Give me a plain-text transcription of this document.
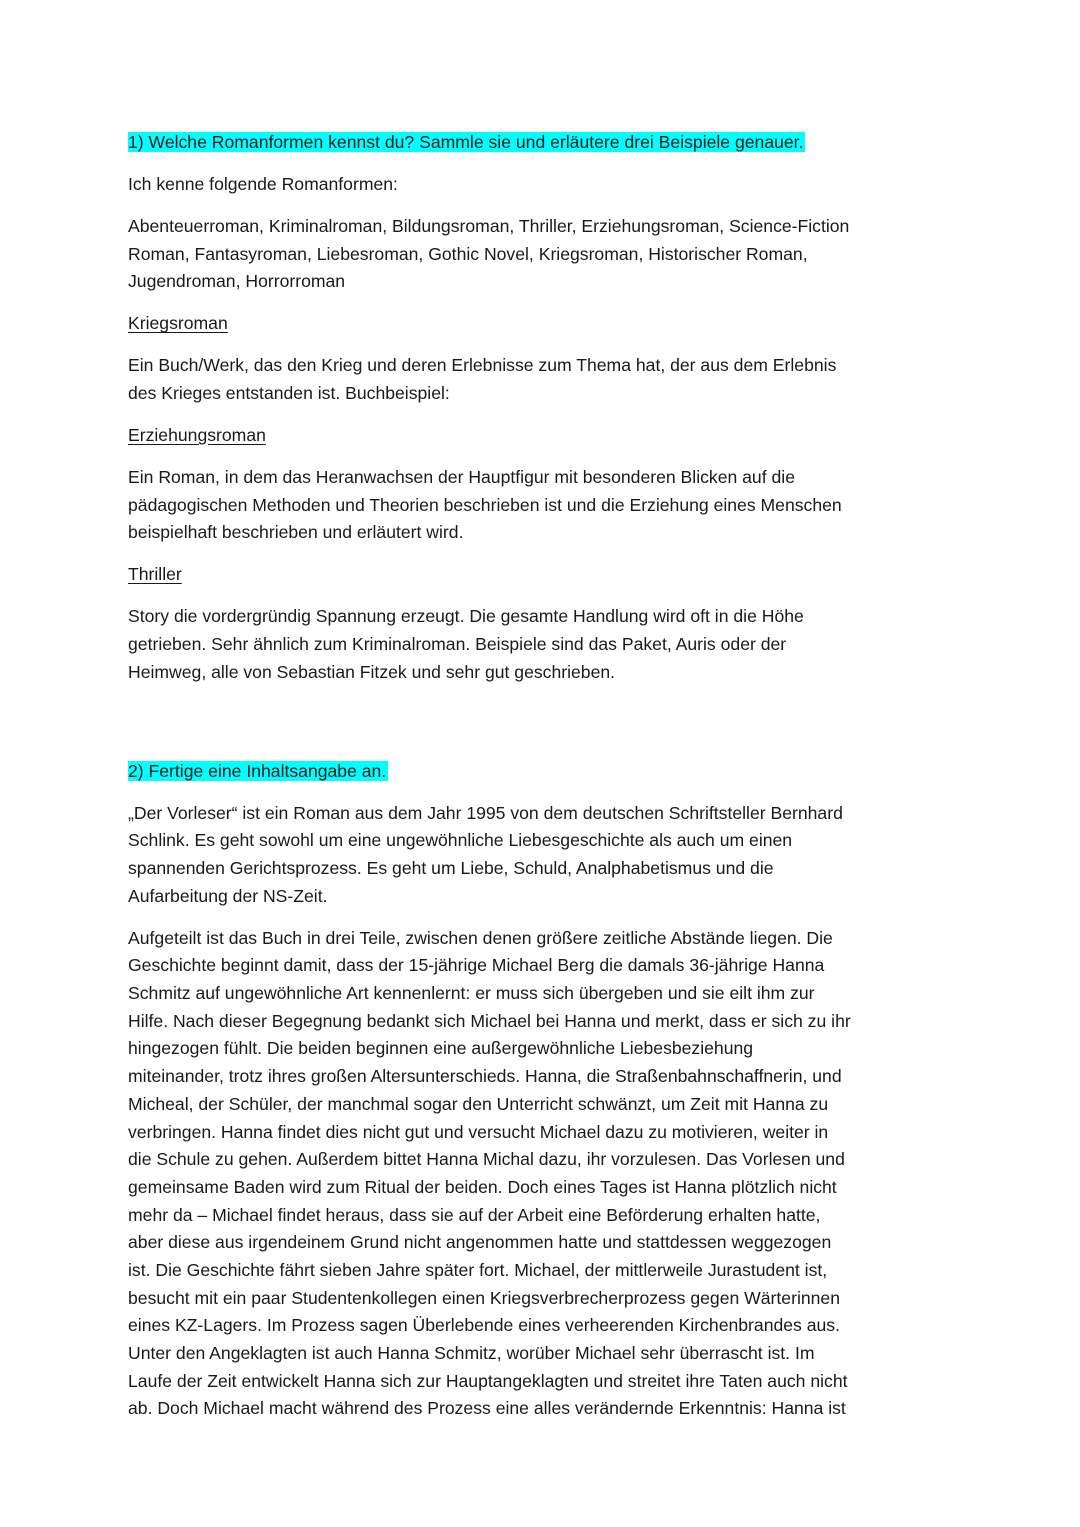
1) Welche Romanformen kennst du? Sammle sie und erläutere drei Beispiele genauer.
Ich kenne folgende Romanformen:
Abenteuerroman, Kriminalroman, Bildungsroman, Thriller, Erziehungsroman, Science-Fiction
Roman, Fantasyroman, Liebesroman, Gothic Novel, Kriegsroman, Historischer Roman,
Jugendroman, Horrorroman
Kriegsroman
Ein Buch/Werk, das den Krieg und deren Erlebnisse zum Thema hat, der aus dem Erlebnis
des Krieges entstanden ist. Buchbeispiel:
Erziehungsroman
Ein Roman, in dem das Heranwachsen der Hauptfigur mit besonderen Blicken auf die
pädagogischen Methoden und Theorien beschrieben ist und die Erziehung eines Menschen
beispielhaft beschrieben und erläutert wird.
Thriller
Story die vordergründig Spannung erzeugt. Die gesamte Handlung wird oft in die Höhe
getrieben. Sehr ähnlich zum Kriminalroman. Beispiele sind das Paket, Auris oder der
Heimweg, alle von Sebastian Fitzek und sehr gut geschrieben.
2) Fertige eine Inhaltsangabe an.
„Der Vorleser“ ist ein Roman aus dem Jahr 1995 von dem deutschen Schriftsteller Bernhard
Schlink. Es geht sowohl um eine ungewöhnliche Liebesgeschichte als auch um einen
spannenden Gerichtsprozess. Es geht um Liebe, Schuld, Analphabetismus und die
Aufarbeitung der NS-Zeit.
Aufgeteilt ist das Buch in drei Teile, zwischen denen größere zeitliche Abstände liegen. Die
Geschichte beginnt damit, dass der 15-jährige Michael Berg die damals 36-jährige Hanna
Schmitz auf ungewöhnliche Art kennenlernt: er muss sich übergeben und sie eilt ihm zur
Hilfe. Nach dieser Begegnung bedankt sich Michael bei Hanna und merkt, dass er sich zu ihr
hingezogen fühlt. Die beiden beginnen eine außergewöhnliche Liebesbeziehung
miteinander, trotz ihres großen Altersunterschieds. Hanna, die Straßenbahnschaffnerin, und
Micheal, der Schüler, der manchmal sogar den Unterricht schwänzt, um Zeit mit Hanna zu
verbringen. Hanna findet dies nicht gut und versucht Michael dazu zu motivieren, weiter in
die Schule zu gehen. Außerdem bittet Hanna Michal dazu, ihr vorzulesen. Das Vorlesen und
gemeinsame Baden wird zum Ritual der beiden. Doch eines Tages ist Hanna plötzlich nicht
mehr da – Michael findet heraus, dass sie auf der Arbeit eine Beförderung erhalten hatte,
aber diese aus irgendeinem Grund nicht angenommen hatte und stattdessen weggezogen
ist. Die Geschichte fährt sieben Jahre später fort. Michael, der mittlerweile Jurastudent ist,
besucht mit ein paar Studentenkollegen einen Kriegsverbrecherprozess gegen Wärterinnen
eines KZ-Lagers. Im Prozess sagen Überlebende eines verheerenden Kirchenbrandes aus.
Unter den Angeklagten ist auch Hanna Schmitz, worüber Michael sehr überrascht ist. Im
Laufe der Zeit entwickelt Hanna sich zur Hauptangeklagten und streitet ihre Taten auch nicht
ab. Doch Michael macht während des Prozess eine alles verändernde Erkenntnis: Hanna ist
